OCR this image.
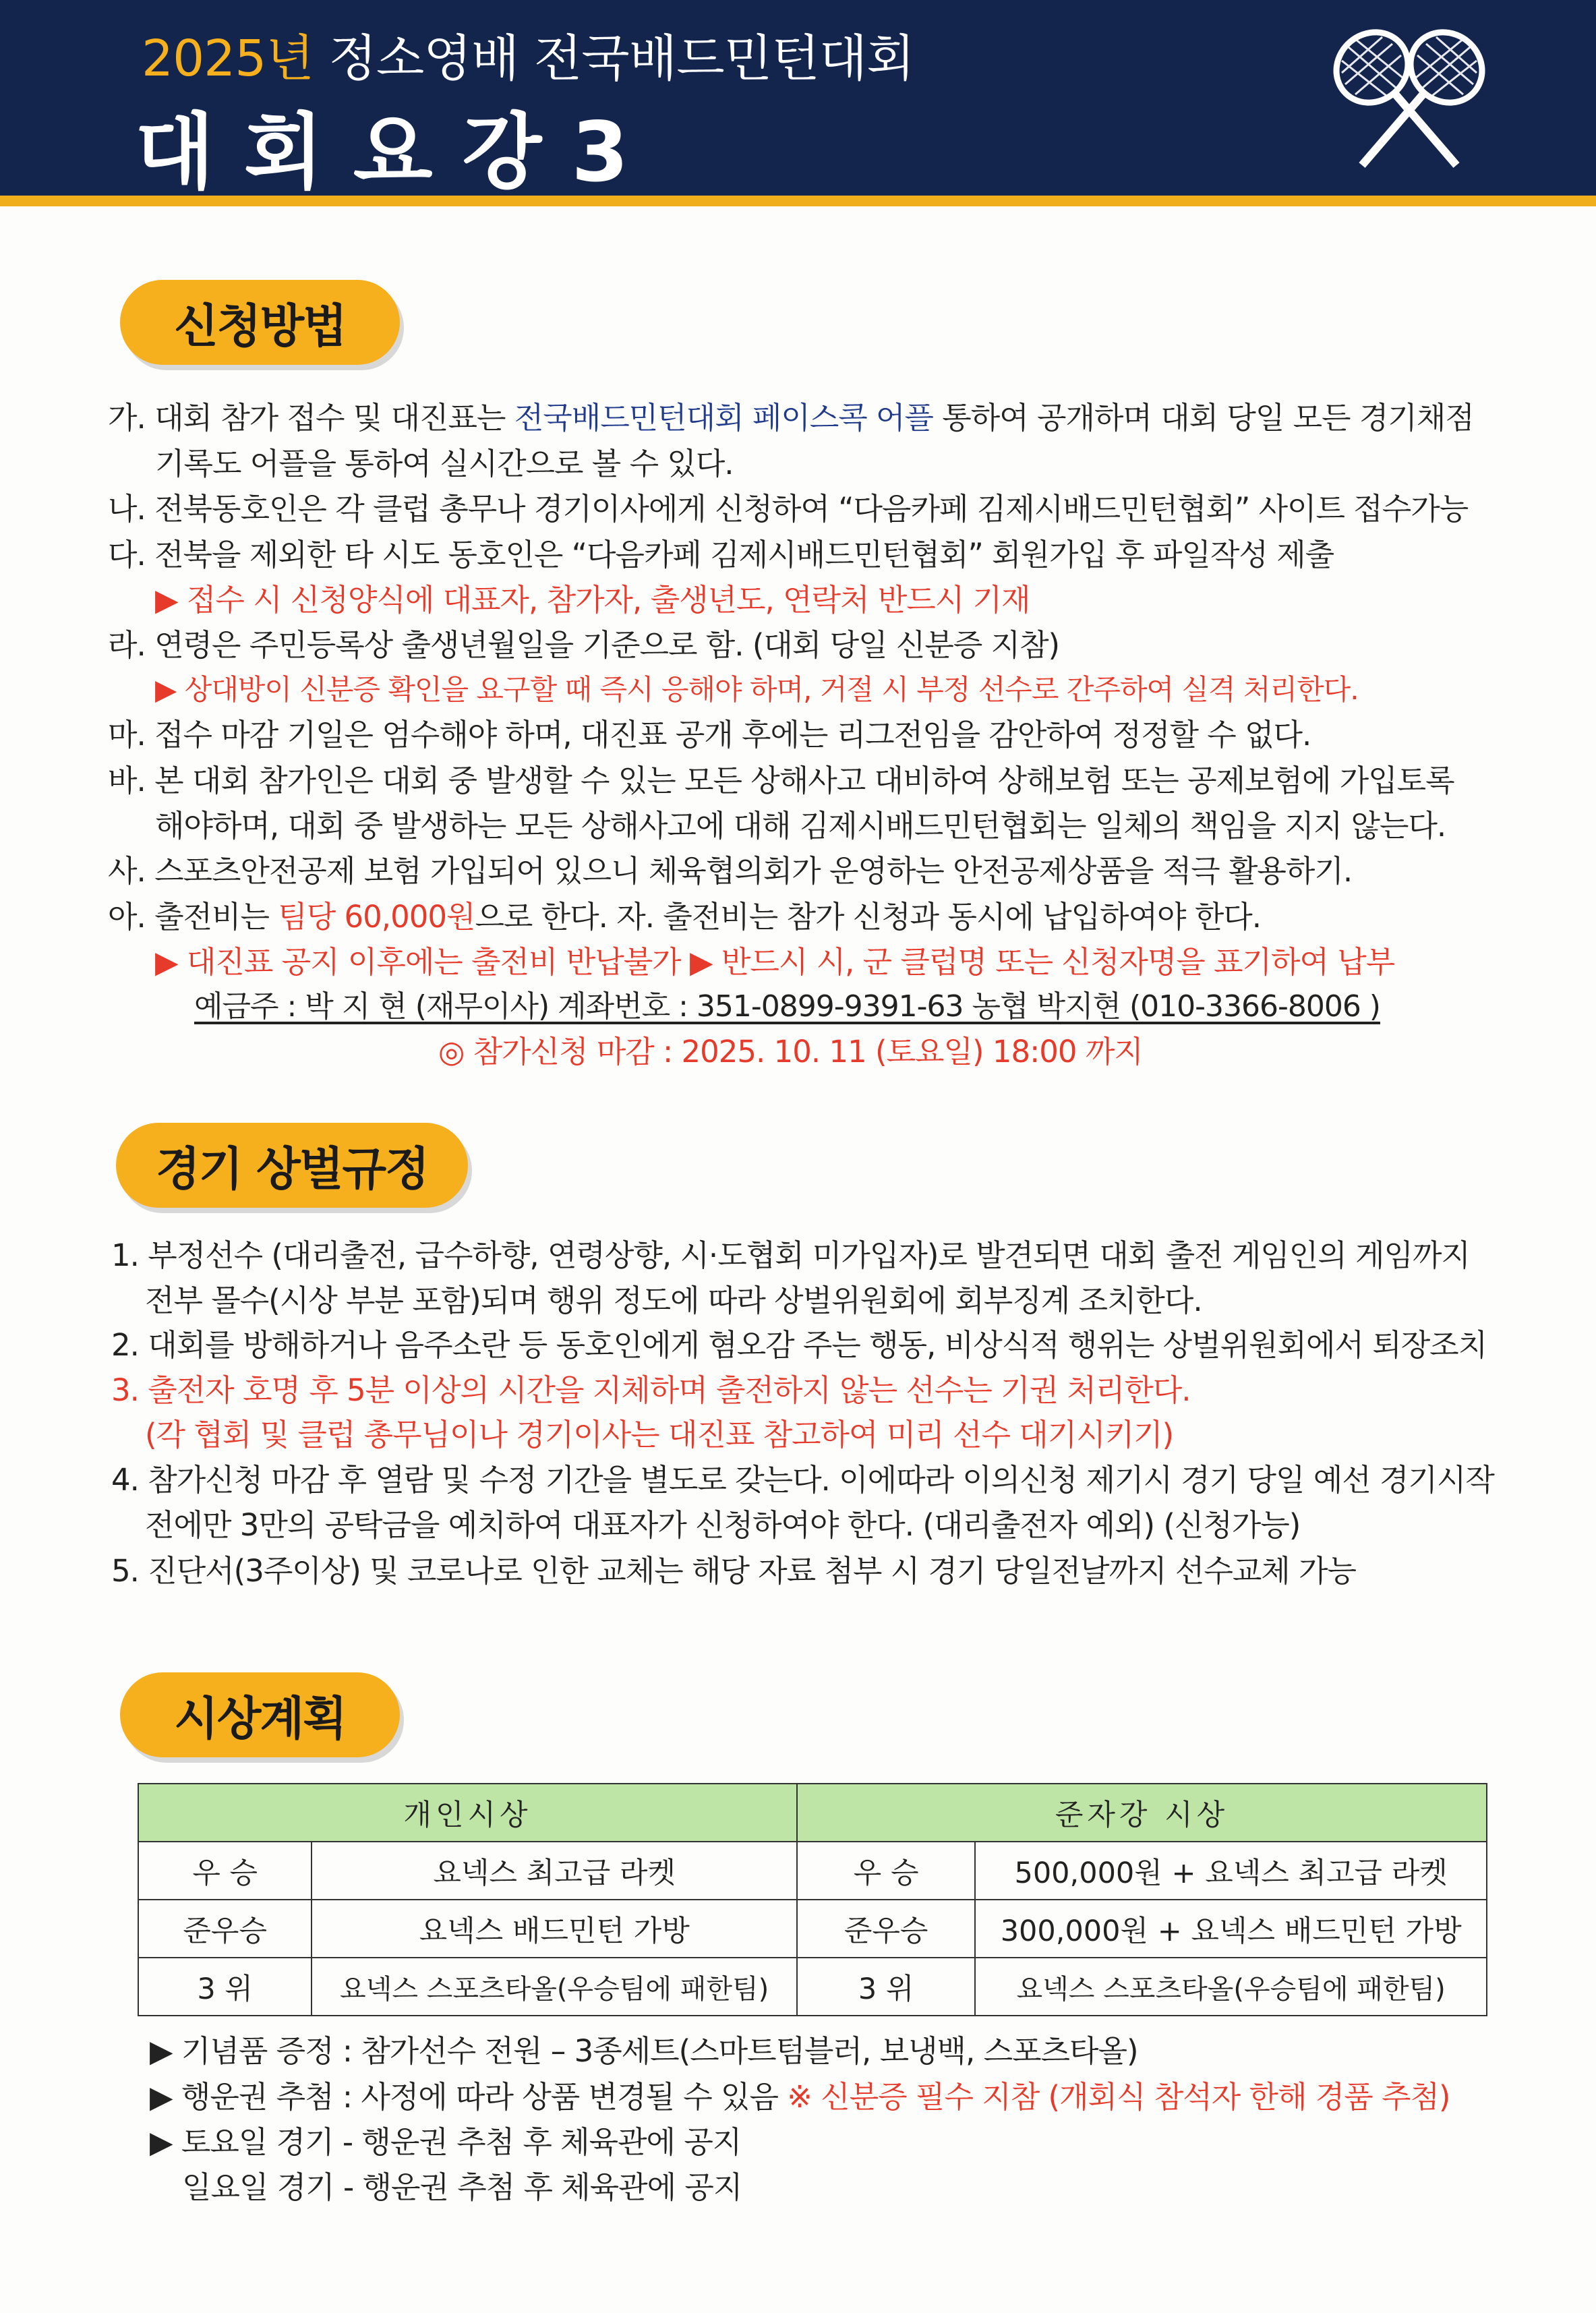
2025년 정소영배 전국배드민턴대회
대회요강3
신청방법
가. 대회 참가 접수 및 대진표는 전국배드민턴대회 페이스콕 어플 통하여 공개하며 대회 당일 모든 경기채점
기록도 어플을 통하여 실시간으로 볼 수 있다.
나. 전북동호인은 각 클럽 총무나 경기이사에게 신청하여 “다음카페 김제시배드민턴협회” 사이트 접수가능
다. 전북을 제외한 타 시도 동호인은 “다음카페 김제시배드민턴협회” 회원가입 후 파일작성 제출
▶ 접수 시 신청양식에 대표자, 참가자, 출생년도, 연락처 반드시 기재
라. 연령은 주민등록상 출생년월일을 기준으로 함. (대회 당일 신분증 지참)
▶ 상대방이 신분증 확인을 요구할 때 즉시 응해야 하며, 거절 시 부정 선수로 간주하여 실격 처리한다.
마. 접수 마감 기일은 엄수해야 하며, 대진표 공개 후에는 리그전임을 감안하여 정정할 수 없다.
바. 본 대회 참가인은 대회 중 발생할 수 있는 모든 상해사고 대비하여 상해보험 또는 공제보험에 가입토록
해야하며, 대회 중 발생하는 모든 상해사고에 대해 김제시배드민턴협회는 일체의 책임을 지지 않는다.
사. 스포츠안전공제 보험 가입되어 있으니 체육협의회가 운영하는 안전공제상품을 적극 활용하기.
아. 출전비는 팀당 60,000원으로 한다. 자. 출전비는 참가 신청과 동시에 납입하여야 한다.
▶ 대진표 공지 이후에는 출전비 반납불가 ▶ 반드시 시, 군 클럽명 또는 신청자명을 표기하여 납부
예금주 : 박 지 현 (재무이사) 계좌번호 : 351-0899-9391-63 농협 박지현 (010-3366-8006 )
◎ 참가신청 마감 : 2025. 10. 11 (토요일) 18:00 까지
경기 상벌규정
1. 부정선수 (대리출전, 급수하향, 연령상향, 시·도협회 미가입자)로 발견되면 대회 출전 게임인의 게임까지
전부 몰수(시상 부분 포함)되며 행위 정도에 따라 상벌위원회에 회부징계 조치한다.
2. 대회를 방해하거나 음주소란 등 동호인에게 혐오감 주는 행동, 비상식적 행위는 상벌위원회에서 퇴장조치
3. 출전자 호명 후 5분 이상의 시간을 지체하며 출전하지 않는 선수는 기권 처리한다.
(각 협회 및 클럽 총무님이나 경기이사는 대진표 참고하여 미리 선수 대기시키기)
4. 참가신청 마감 후 열람 및 수정 기간을 별도로 갖는다. 이에따라 이의신청 제기시 경기 당일 예선 경기시작
전에만 3만의 공탁금을 예치하여 대표자가 신청하여야 한다. (대리출전자 예외) (신청가능)
5. 진단서(3주이상) 및 코로나로 인한 교체는 해당 자료 첨부 시 경기 당일전날까지 선수교체 가능
시상계획
개인시상		준자강 시상	
우 승	요넥스 최고급 라켓	우 승	500,000원 + 요넥스 최고급 라켓
준우승	요넥스 배드민턴 가방	준우승	300,000원 + 요넥스 배드민턴 가방
3 위	요넥스 스포츠타올(우승팀에 패한팀)	3 위	요넥스 스포츠타올(우승팀에 패한팀)
▶ 기념품 증정 : 참가선수 전원 – 3종세트(스마트텀블러, 보냉백, 스포츠타올)
▶ 행운권 추첨 : 사정에 따라 상품 변경될 수 있음 ※ 신분증 필수 지참 (개회식 참석자 한해 경품 추첨)
▶ 토요일 경기 - 행운권 추첨 후 체육관에 공지
일요일 경기 - 행운권 추첨 후 체육관에 공지
